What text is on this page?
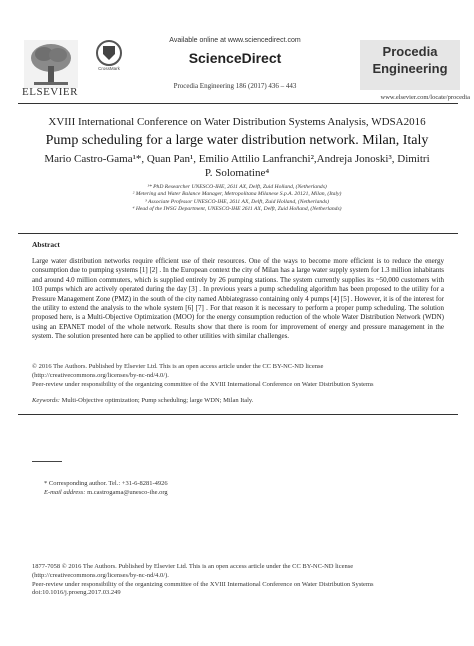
ELSEVIER
CrossMark
Available online at www.sciencedirect.com
ScienceDirect
Procedia Engineering 186 (2017) 436 – 443
Procedia
Engineering
www.elsevier.com/locate/procedia
XVIII International Conference on Water Distribution Systems Analysis, WDSA2016
Pump scheduling for a large water distribution network. Milan, Italy
Mario Castro-Gama¹*, Quan Pan¹, Emilio Attilio Lanfranchi²,Andreja Jonoski³, Dimitri
P. Solomatine⁴
¹* PhD Researcher UNESCO-IHE, 2611 AX, Delft, Zuid Holland, (Netherlands)
² Metering and Water Balance Manager, Metropolitana Milanese S.p.A. 20121, Milan, (Italy)
³ Associate Professor UNESCO-IHE, 2611 AX, Delft, Zuid Holland, (Netherlands)
⁴ Head of the IWSG Department, UNESCO-IHE 2611 AX, Delft, Zuid Holland, (Netherlands)
Abstract
Large water distribution networks require efficient use of their resources. One of the ways to become more efficient is to reduce the energy consumption due to pumping systems [1] [2] . In the European context the city of Milan has a large water supply system for 1.3 million inhabitants and around 4.0 million commuters, which is supplied entirely by 26 pumping stations. The system currently supplies its ~50,000 customers with 103 pumps which are actively operated during the day [3] . In previous years a pump scheduling algorithm has been proposed to the utility for a Pressure Management Zone (PMZ) in the south of the city named Abbiategrasso containing only 4 pumps [4] [5] . However, it is of the interest for the utility to extend the analysis to the whole system [6] [7] . For that reason it is necessary to perform a proper pump scheduling. The solution proposed here, is a Multi-Objective Optimization (MOO) for the energy consumption reduction of the whole Water Distribution Network (WDN) using an EPANET model of the whole network. Results show that there is room for improvement of energy and pressure management in the system. The solution presented here can be applied to other utilities with similar challenges.
© 2016 The Authors. Published by Elsevier Ltd. This is an open access article under the CC BY-NC-ND license
(http://creativecommons.org/licenses/by-nc-nd/4.0/).
Peer-review under responsibility of the organizing committee of the XVIII International Conference on Water Distribution Systems
Keywords: Multi-Objective optimization; Pump scheduling; large WDN; Milan Italy.
* Corresponding author. Tel.: +31-6-8281-4926
E-mail address: m.castrogama@unesco-ihe.org
1877-7058 © 2016 The Authors. Published by Elsevier Ltd. This is an open access article under the CC BY-NC-ND license
(http://creativecommons.org/licenses/by-nc-nd/4.0/).
Peer-review under responsibility of the organizing committee of the XVIII International Conference on Water Distribution Systems
doi:10.1016/j.proeng.2017.03.249
